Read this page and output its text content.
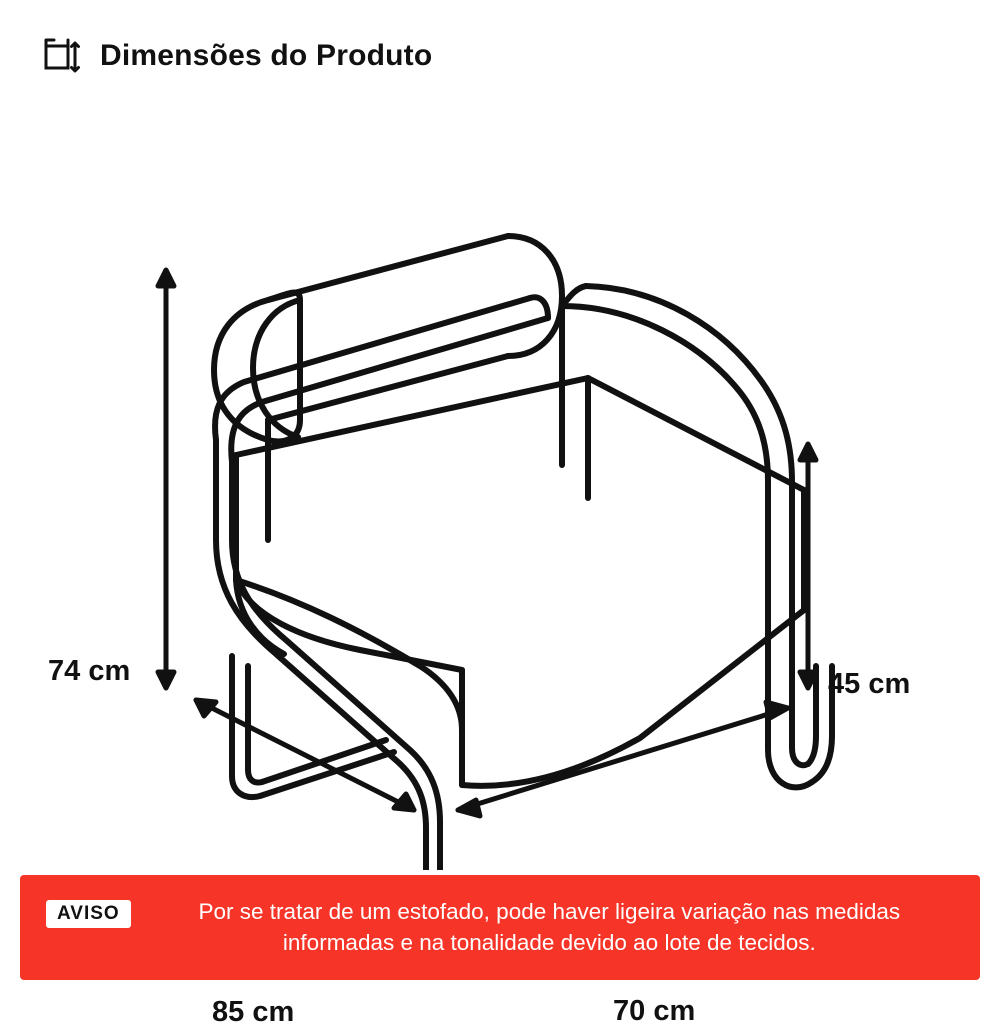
Dimensões do Produto
74 cm	45 cm
85 cm	70 cm
AVISO	Por se tratar de um estofado, pode haver ligeira variação nas medidas informadas e na tonalidade devido ao lote de tecidos.
